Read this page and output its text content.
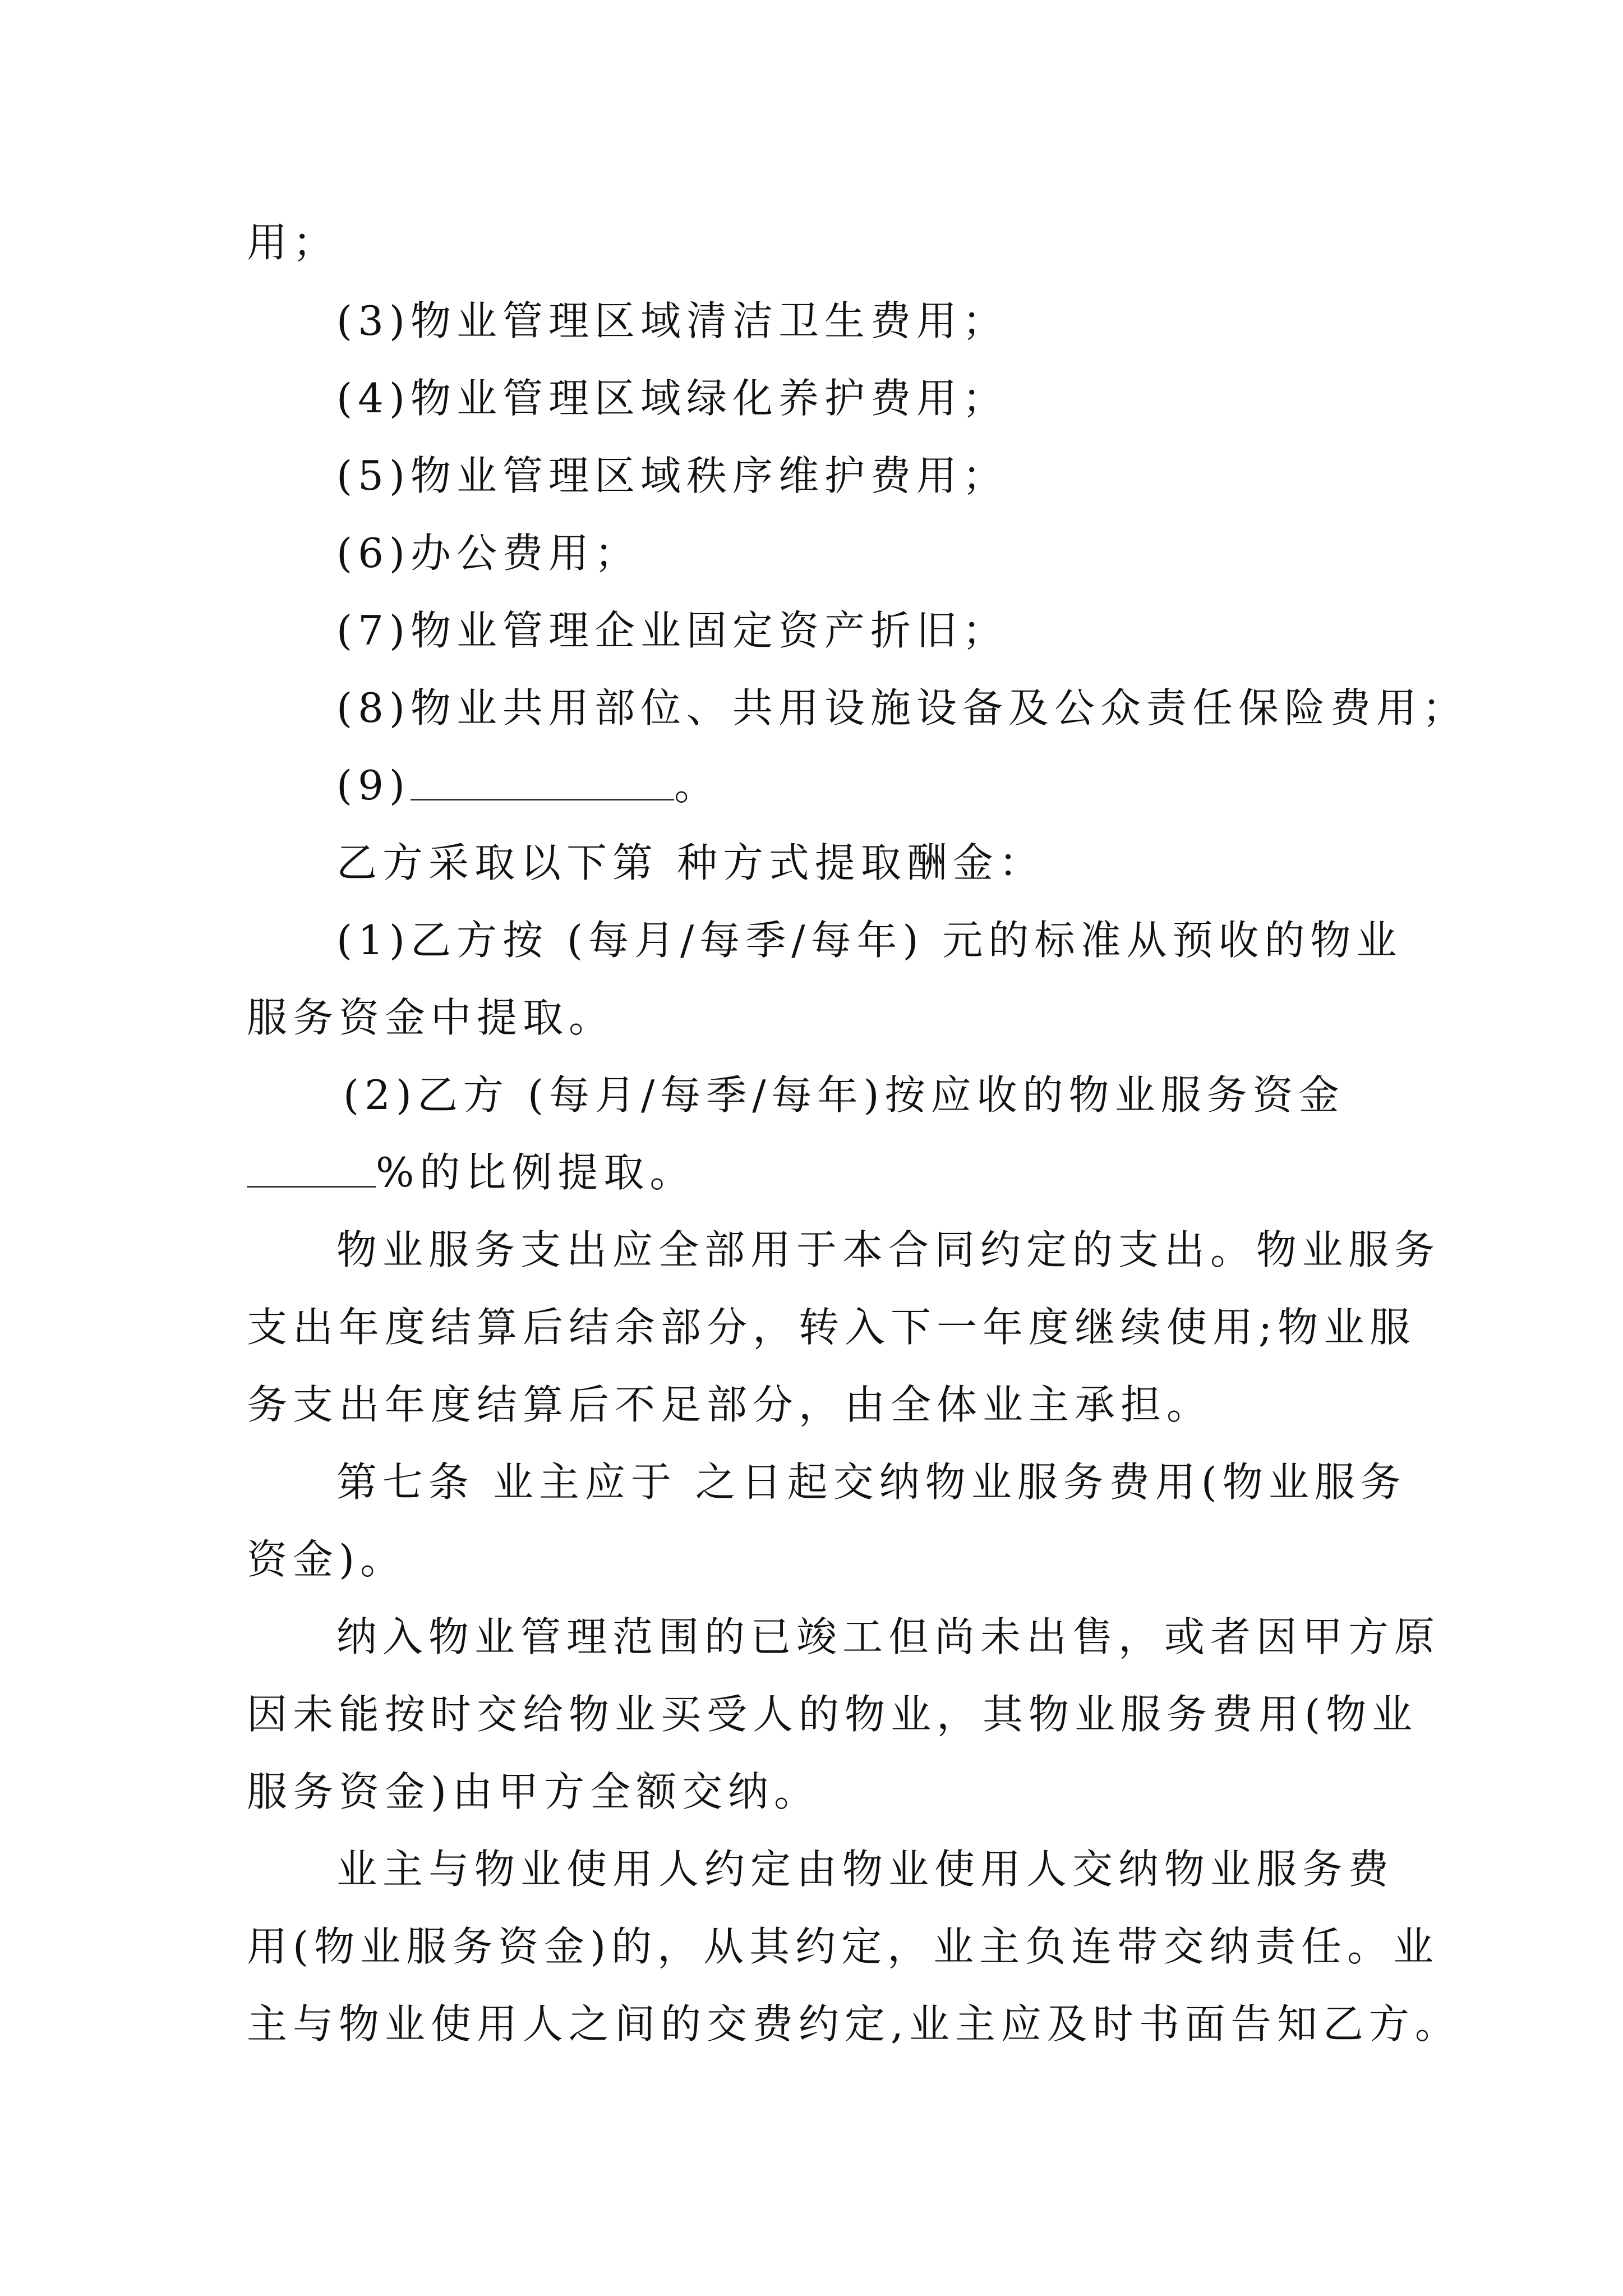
用；
(3)物业管理区域清洁卫生费用；
(4)物业管理区域绿化养护费用；
(5)物业管理区域秩序维护费用；
(6)办公费用；
(7)物业管理企业固定资产折旧；
(8)物业共用部位、共用设施设备及公众责任保险费用；
(9)	。
乙方采取以下第 种方式提取酬金：
(1)乙方按 (每月/每季/每年) 元的标准从预收的物业
服务资金中提取。
(2)乙方 (每月/每季/每年)按应收的物业服务资金
%的比例提取。
物业服务支出应全部用于本合同约定的支出。物业服务
支出年度结算后结余部分，转入下一年度继续使用;物业服
务支出年度结算后不足部分，由全体业主承担。
第七条 业主应于 之日起交纳物业服务费用(物业服务
资金)。
纳入物业管理范围的已竣工但尚未出售，或者因甲方原
因未能按时交给物业买受人的物业，其物业服务费用(物业
服务资金)由甲方全额交纳。
业主与物业使用人约定由物业使用人交纳物业服务费
用(物业服务资金)的，从其约定，业主负连带交纳责任。业
主与物业使用人之间的交费约定,业主应及时书面告知乙方。
